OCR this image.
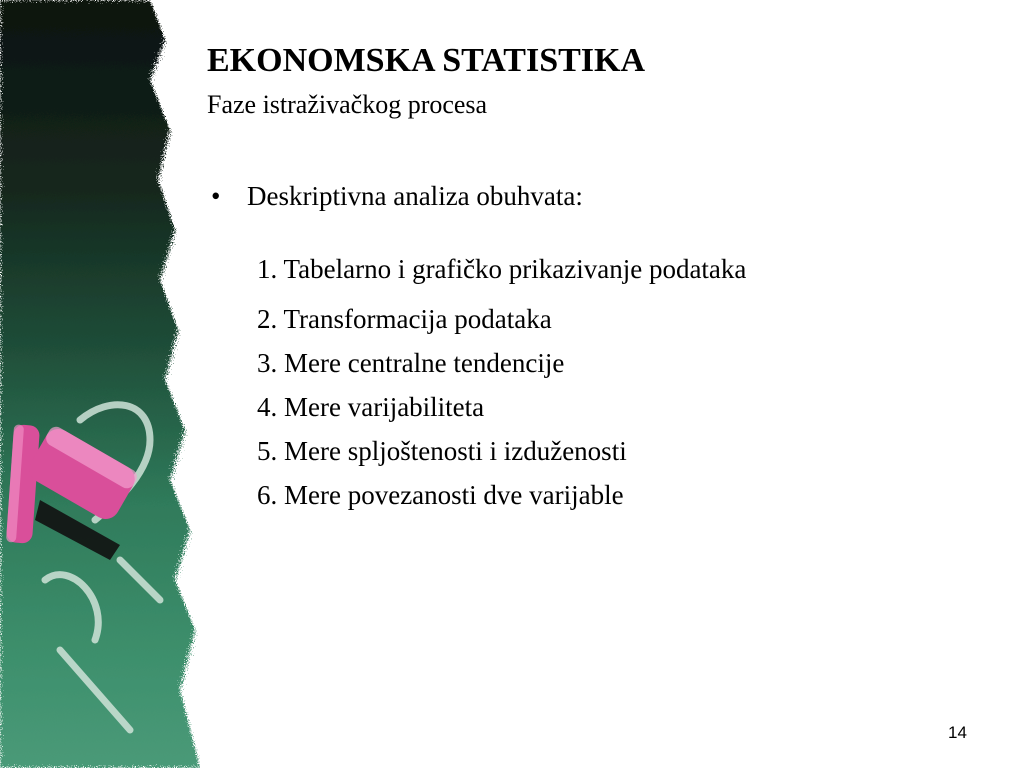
EKONOMSKA STATISTIKA
Faze istraživačkog procesa
• Deskriptivna analiza obuhvata:
1. Tabelarno i grafičko prikazivanje podataka
2. Transformacija podataka
3. Mere centralne tendencije
4. Mere varijabiliteta
5. Mere spljoštenosti i izduženosti
6. Mere povezanosti dve varijable
14
